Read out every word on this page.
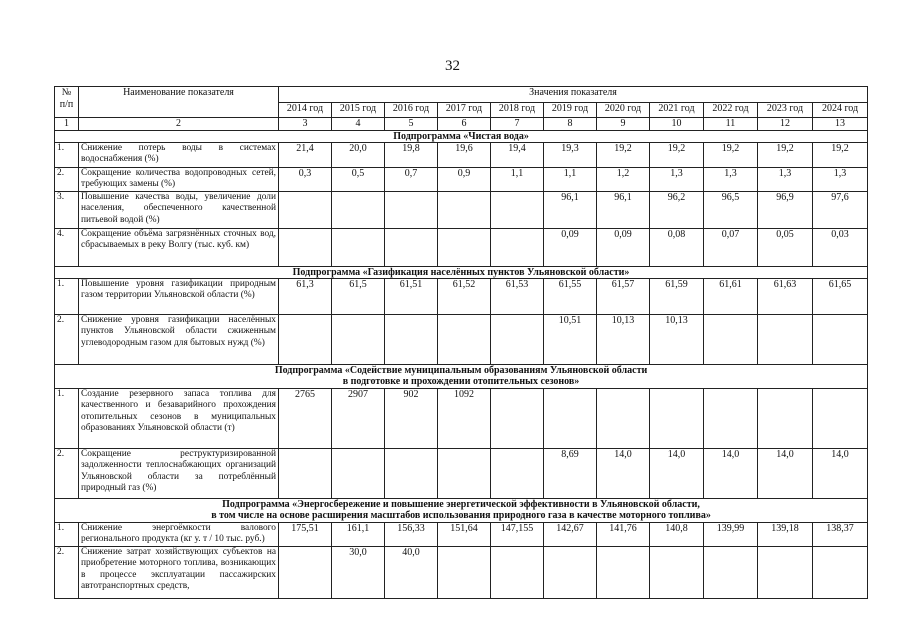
32
№ п/п	Наименование показателя	Значения показателя										
		2014 год	2015 год	2016 год	2017 год	2018 год	2019 год	2020 год	2021 год	2022 год	2023 год	2024 год
1	2	3	4	5	6	7	8	9	10	11	12	13
Подпрограмма «Чистая вода»												
1.	Снижение потерь воды в системах водоснабжения (%)	21,4	20,0	19,8	19,6	19,4	19,3	19,2	19,2	19,2	19,2	19,2
2.	Сокращение количества водопроводных сетей, требующих замены (%)	0,3	0,5	0,7	0,9	1,1	1,1	1,2	1,3	1,3	1,3	1,3
3.	Повышение качества воды, увеличение доли населения, обеспеченного качественной питьевой водой (%)						96,1	96,1	96,2	96,5	96,9	97,6
4.	Сокращение объёма загрязнённых сточных вод, сбрасываемых в реку Волгу (тыс. куб. км)						0,09	0,09	0,08	0,07	0,05	0,03
Подпрограмма «Газификация населённых пунктов Ульяновской области»												
1.	Повышение уровня газификации природным газом территории Ульяновской области (%)	61,3	61,5	61,51	61,52	61,53	61,55	61,57	61,59	61,61	61,63	61,65
2.	Снижение уровня газификации населённых пунктов Ульяновской области сжиженным углеводородным газом для бытовых нужд (%)						10,51	10,13	10,13			

Подпрограмма «Содействие муниципальным образованиям Ульяновской области
в подготовке и прохождении отопительных сезонов»												

1.	Создание резервного запаса топлива для качественного и безаварийного прохождения отопительных сезонов в муниципальных образованиях Ульяновской области (т)	2765	2907	902	1092							
2.	Сокращение реструктуризированной задолженности теплоснабжающих организаций Ульяновской области за потреблённый природный газ (%)						8,69	14,0	14,0	14,0	14,0	14,0

Подпрограмма «Энергосбережение и повышение энергетической эффективности в Ульяновской области,
в том числе на основе расширения масштабов использования природного газа в качестве моторного топлива»												

1.	Снижение энергоёмкости валового регионального продукта (кг у. т / 10 тыс. руб.)	175,51	161,1	156,33	151,64	147,155	142,67	141,76	140,8	139,99	139,18	138,37
2.	Снижение затрат хозяйствующих субъектов на приобретение моторного топлива, возникающих в процессе эксплуатации пассажирских автотранспортных средств,		30,0	40,0								
